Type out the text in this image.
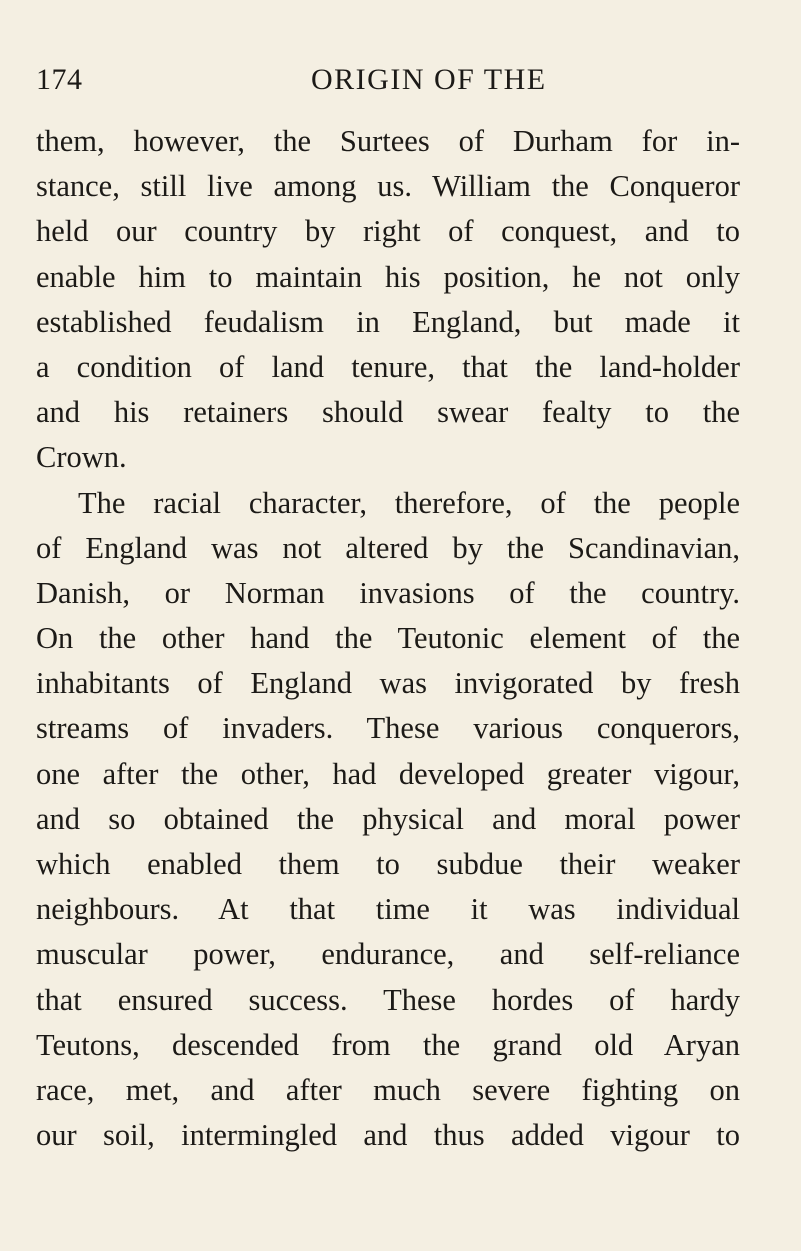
174	ORIGIN OF THE
them, however, the Surtees of Durham for in-
stance, still live among us. William the Conqueror
held our country by right of conquest, and to
enable him to maintain his position, he not only
established feudalism in England, but made it
a condition of land tenure, that the land-holder
and his retainers should swear fealty to the
Crown.
The racial character, therefore, of the people
of England was not altered by the Scandinavian,
Danish, or Norman invasions of the country.
On the other hand the Teutonic element of the
inhabitants of England was invigorated by fresh
streams of invaders. These various conquerors,
one after the other, had developed greater vigour,
and so obtained the physical and moral power
which enabled them to subdue their weaker
neighbours. At that time it was individual
muscular power, endurance, and self-reliance
that ensured success. These hordes of hardy
Teutons, descended from the grand old Aryan
race, met, and after much severe fighting on
our soil, intermingled and thus added vigour to
